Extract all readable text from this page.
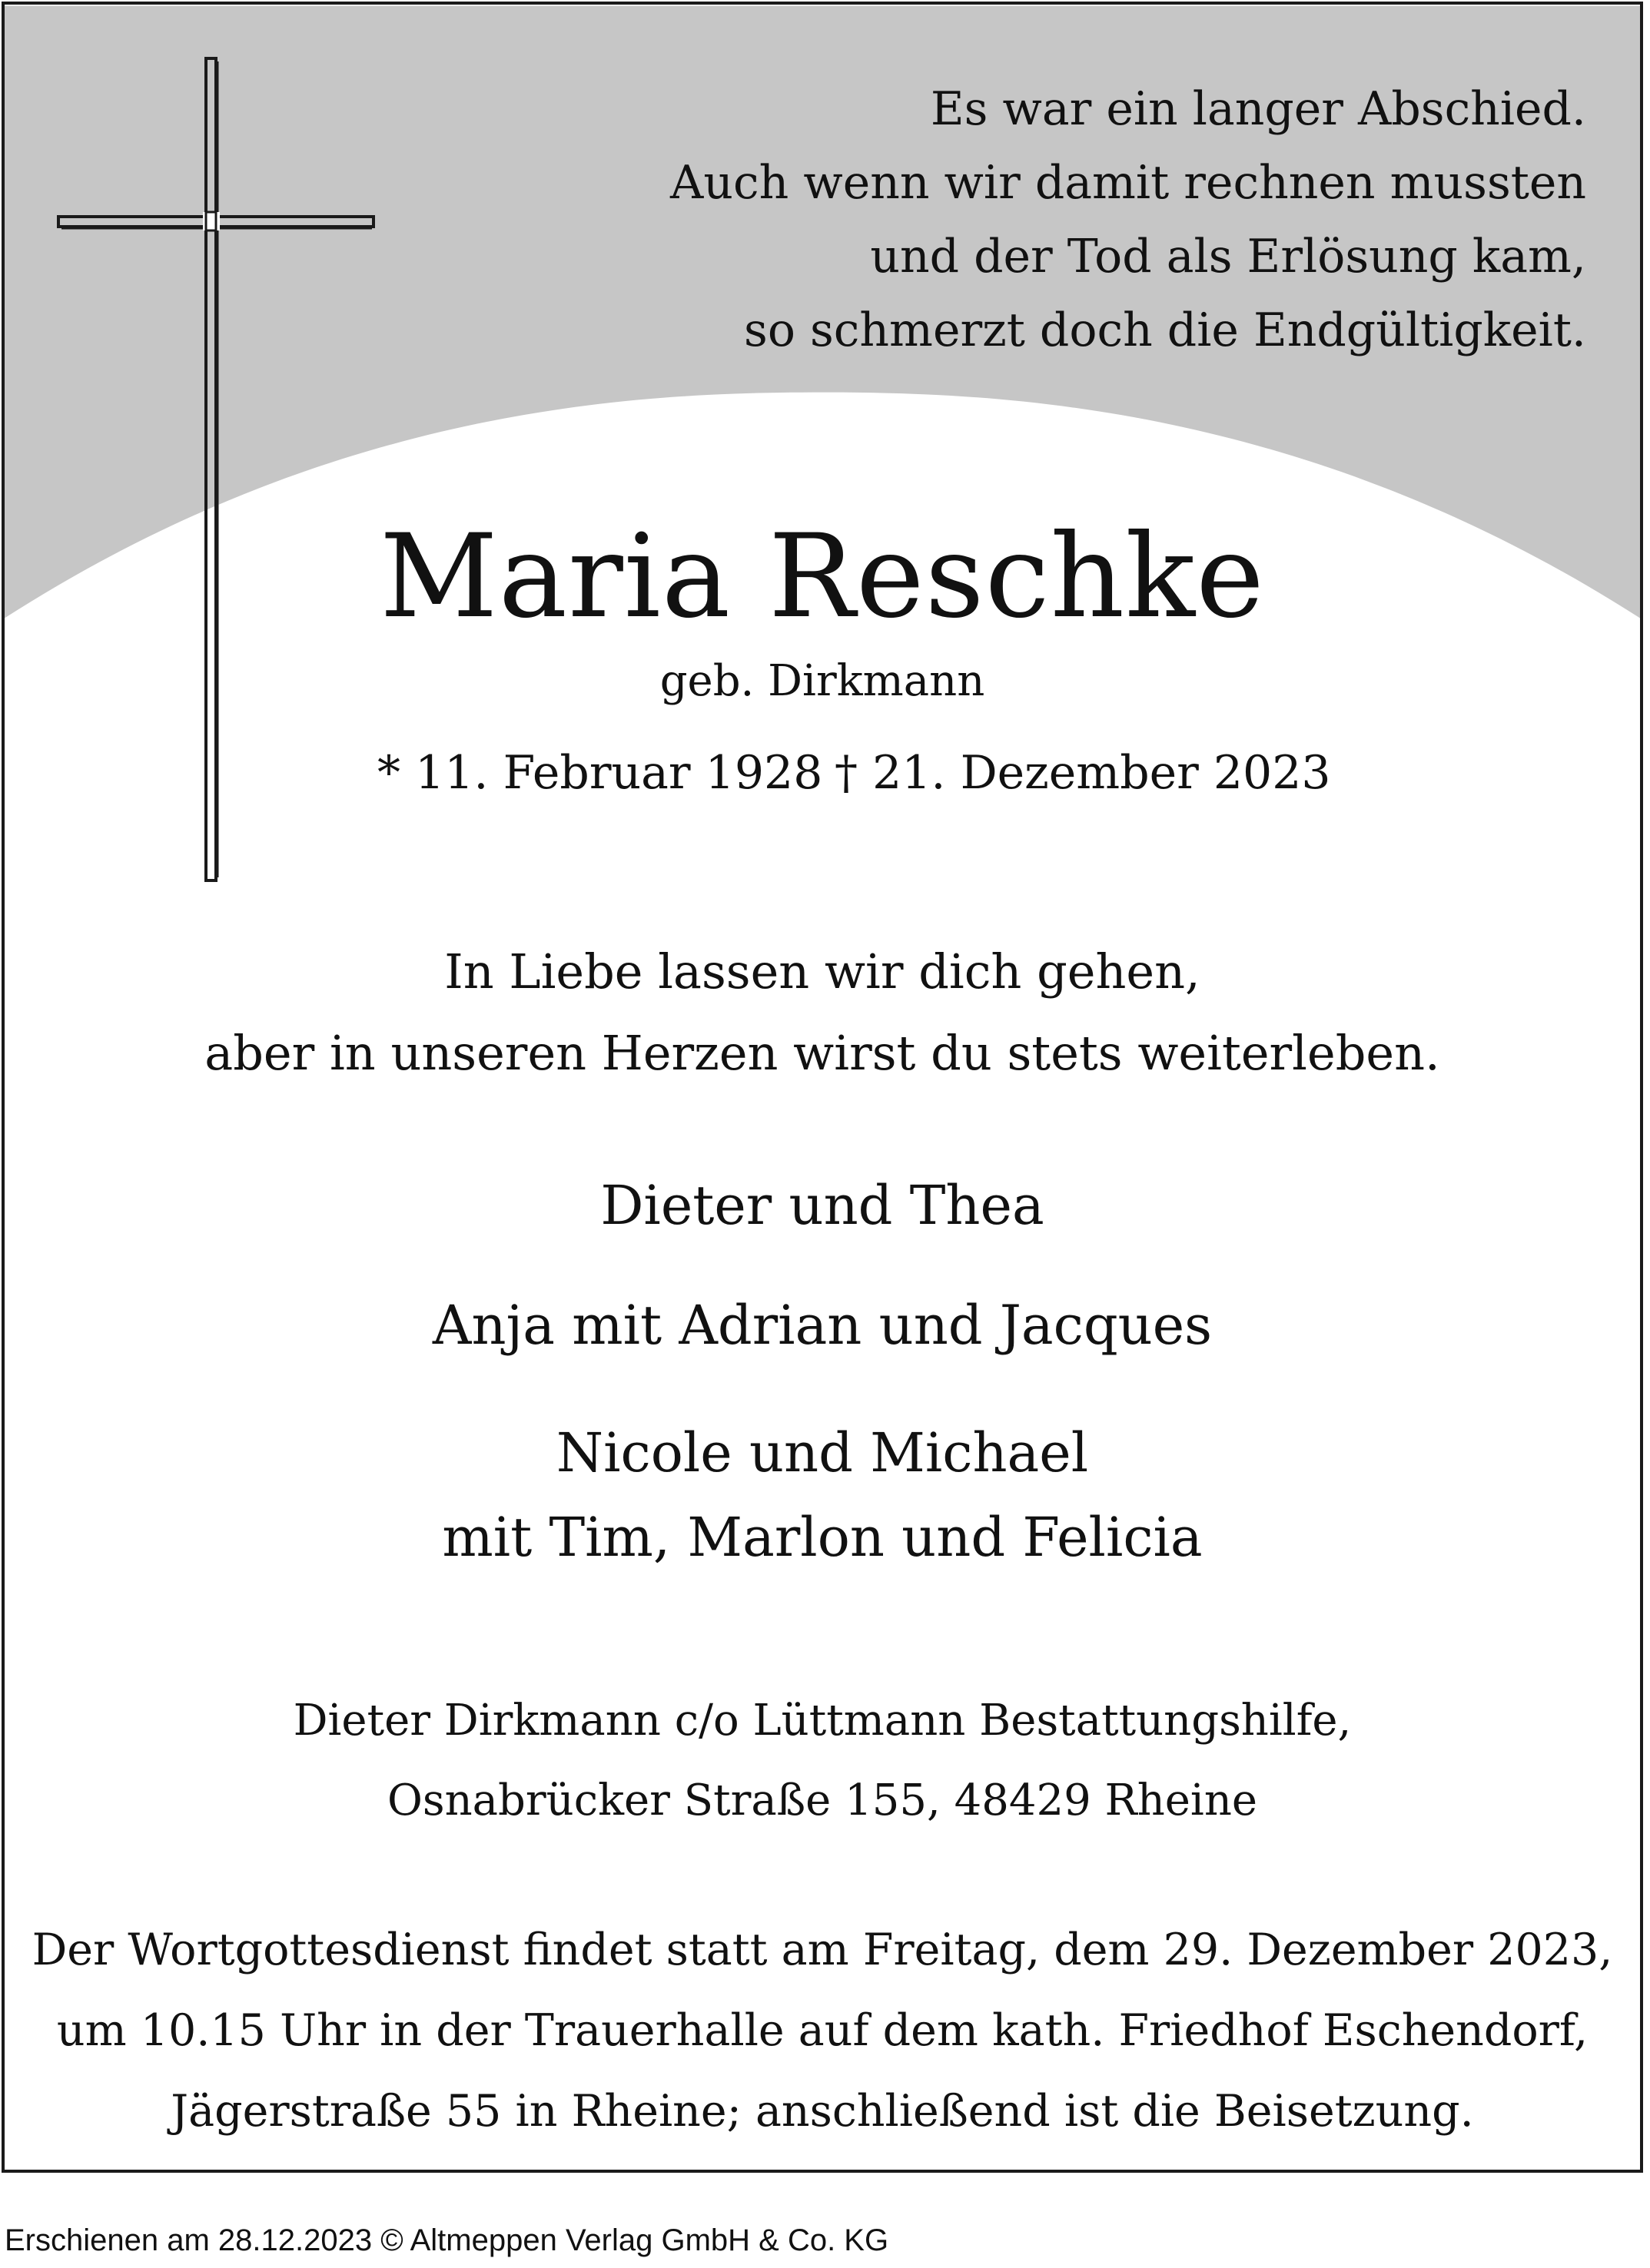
Es war ein langer Abschied.
Auch wenn wir damit rechnen mussten
und der Tod als Erlösung kam,
so schmerzt doch die Endgültigkeit.
Maria Reschke
geb. Dirkmann
* 11. Februar 1928 † 21. Dezember 2023
In Liebe lassen wir dich gehen,
aber in unseren Herzen wirst du stets weiterleben.
Dieter und Thea
Anja mit Adrian und Jacques
Nicole und Michael
mit Tim, Marlon und Felicia
Dieter Dirkmann c/o Lüttmann Bestattungshilfe,
Osnabrücker Straße 155, 48429 Rheine
Der Wortgottesdienst findet statt am Freitag, dem 29. Dezember 2023,
um 10.15 Uhr in der Trauerhalle auf dem kath. Friedhof Eschendorf,
Jägerstraße 55 in Rheine; anschließend ist die Beisetzung.
Erschienen am 28.12.2023 © Altmeppen Verlag GmbH & Co. KG
